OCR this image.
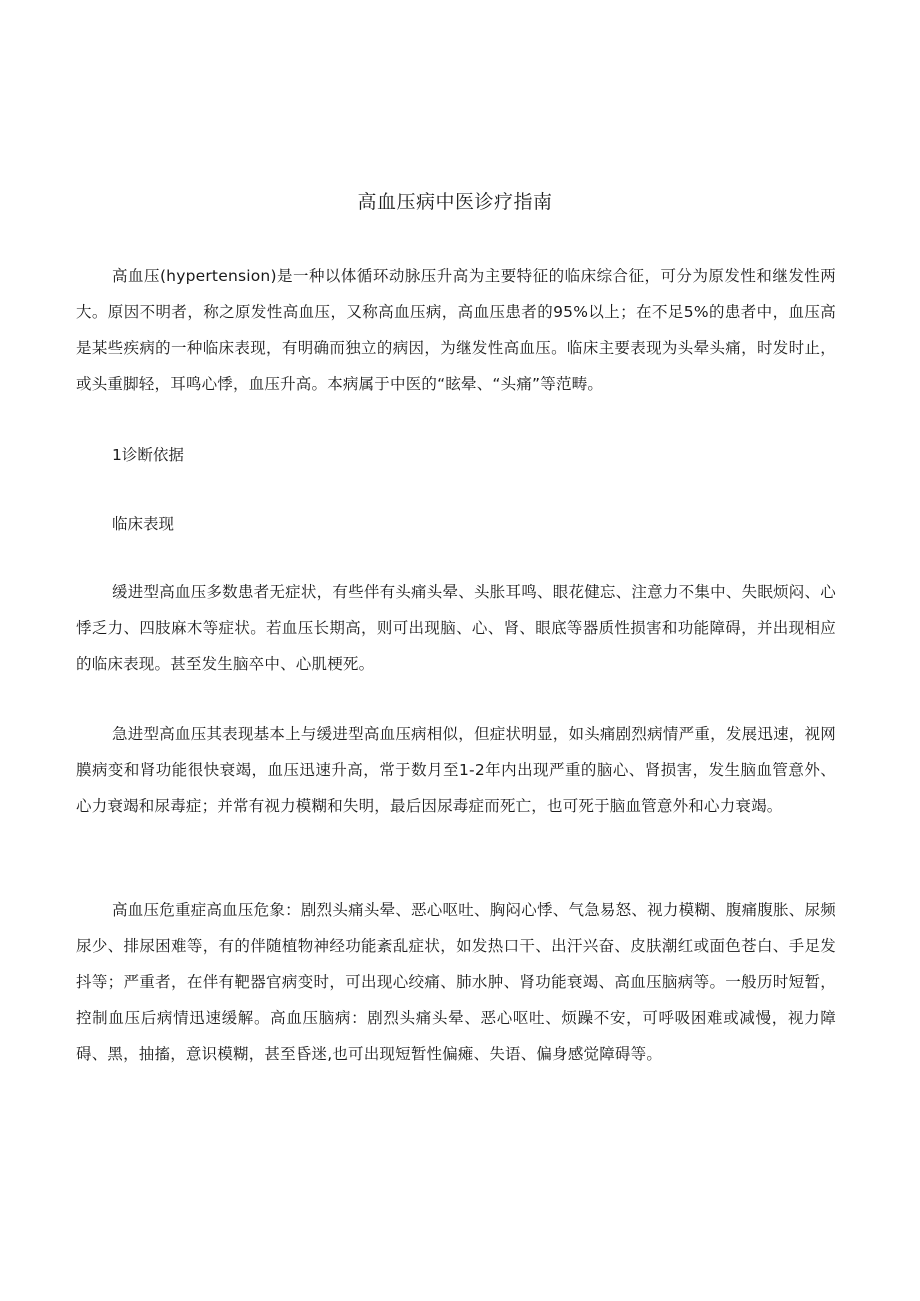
高血压病中医诊疗指南

高血压(hypertension)是一种以体循环动脉压升高为主要特征的临床综合征，可分为原发性和继发性两大。原因不明者，称之原发性高血压，又称高血压病，高血压患者的95%以上；在不足5%的患者中，血压高是某些疾病的一种临床表现，有明确而独立的病因，为继发性高血压。临床主要表现为头晕头痛，时发时止，或头重脚轻，耳鸣心悸，血压升高。本病属于中医的“眩晕、“头痛”等范畴。

1诊断依据

临床表现

缓进型高血压多数患者无症状，有些伴有头痛头晕、头胀耳鸣、眼花健忘、注意力不集中、失眠烦闷、心悸乏力、四肢麻木等症状。若血压长期高，则可出现脑、心、肾、眼底等器质性损害和功能障碍，并出现相应的临床表现。甚至发生脑卒中、心肌梗死。

急进型高血压其表现基本上与缓进型高血压病相似，但症状明显，如头痛剧烈病情严重，发展迅速，视网膜病变和肾功能很快衰竭，血压迅速升高，常于数月至1-2年内出现严重的脑心、肾损害，发生脑血管意外、心力衰竭和尿毒症；并常有视力模糊和失明，最后因尿毒症而死亡，也可死于脑血管意外和心力衰竭。

高血压危重症高血压危象：剧烈头痛头晕、恶心呕吐、胸闷心悸、气急易怒、视力模糊、腹痛腹胀、尿频尿少、排尿困难等，有的伴随植物神经功能紊乱症状，如发热口干、出汗兴奋、皮肤潮红或面色苍白、手足发抖等；严重者，在伴有靶器官病变时，可出现心绞痛、肺水肿、肾功能衰竭、高血压脑病等。一般历时短暂，控制血压后病情迅速缓解。高血压脑病：剧烈头痛头晕、恶心呕吐、烦躁不安，可呼吸困难或减慢，视力障碍、黑，抽搐，意识模糊，甚至昏迷,也可出现短暂性偏瘫、失语、偏身感觉障碍等。
